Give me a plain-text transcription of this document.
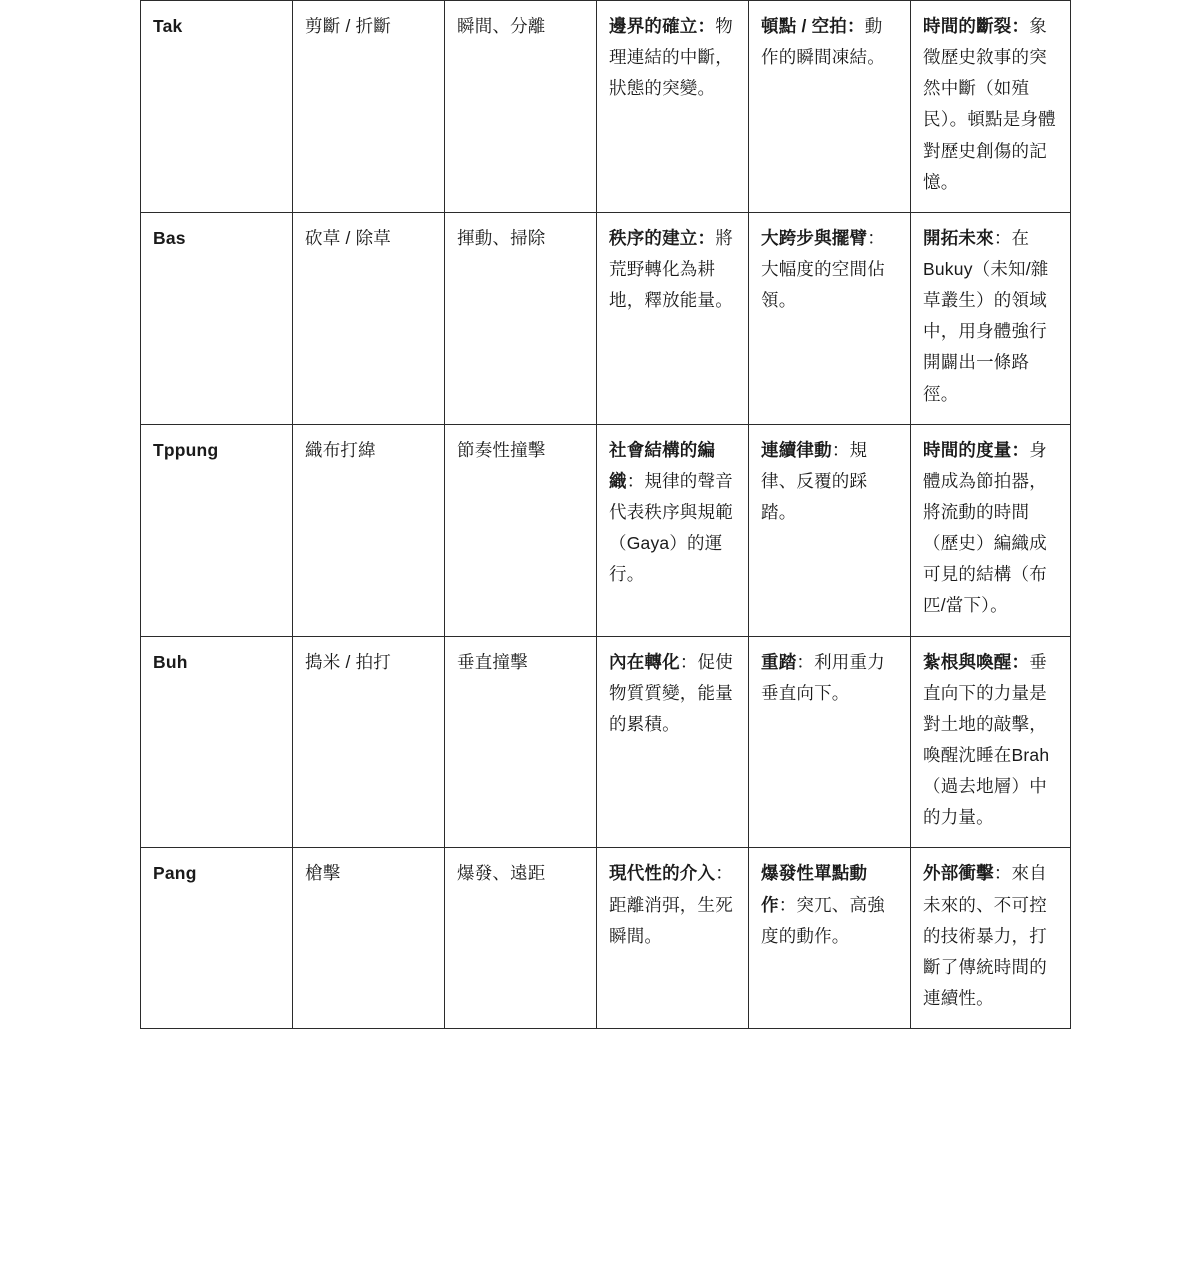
Tak	剪斷 / 折斷	瞬間、分離	邊界的確立：物理連結的中斷，狀態的突變。	頓點 / 空拍：動作的瞬間凍結。	時間的斷裂：象徵歷史敘事的突然中斷（如殖民）。頓點是身體對歷史創傷的記憶。
Bas	砍草 / 除草	揮動、掃除	秩序的建立：將荒野轉化為耕地，釋放能量。	大跨步與擺臂：大幅度的空間佔領。	開拓未來：在Bukuy（未知/雜草叢生）的領域中，用身體強行開闢出一條路徑。
Tppung	織布打緯	節奏性撞擊	社會結構的編織：規律的聲音代表秩序與規範（Gaya）的運行。	連續律動：規律、反覆的踩踏。	時間的度量：身體成為節拍器，將流動的時間（歷史）編織成可見的結構（布匹/當下）。
Buh	搗米 / 拍打	垂直撞擊	內在轉化：促使物質質變，能量的累積。	重踏：利用重力垂直向下。	紮根與喚醒：垂直向下的力量是對土地的敲擊，喚醒沈睡在Brah（過去地層）中的力量。
Pang	槍擊	爆發、遠距	現代性的介入：距離消弭，生死瞬間。	爆發性單點動作：突兀、高強度的動作。	外部衝擊：來自未來的、不可控的技術暴力，打斷了傳統時間的連續性。
